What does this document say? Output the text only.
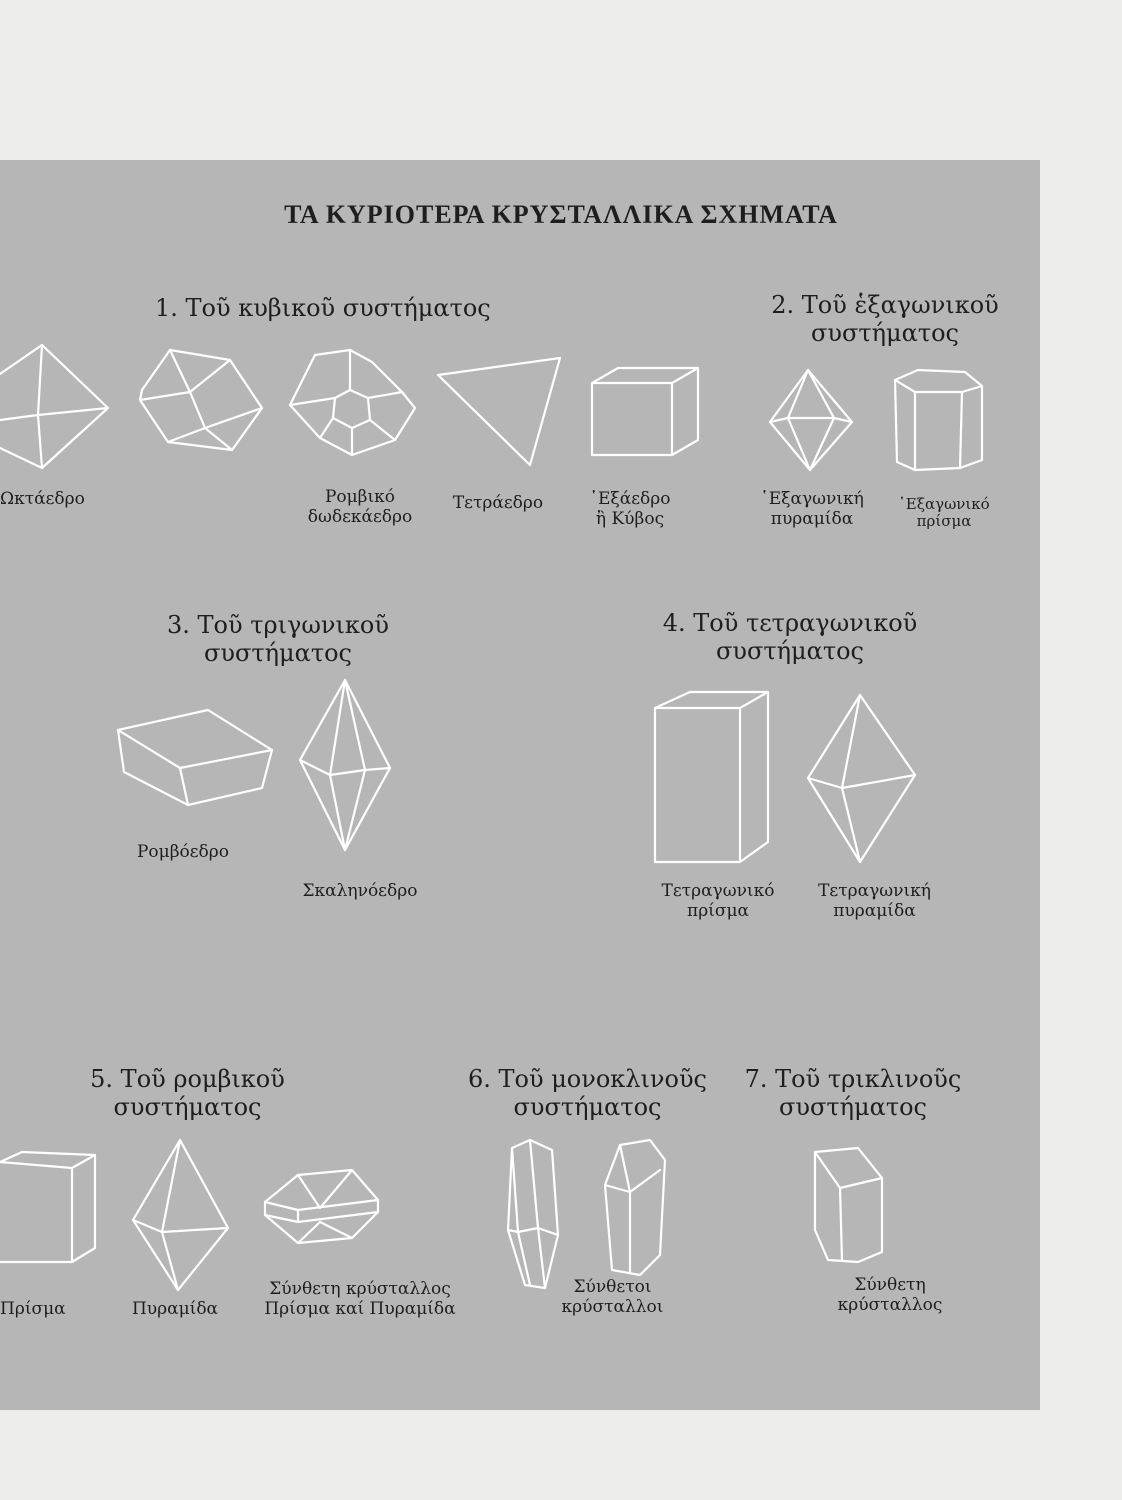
ΤΑ ΚΥΡΙΟΤΕΡΑ ΚΡΥΣΤΑΛΛΙΚΑ ΣΧΗΜΑΤΑ
1. Τοῦ κυβικοῦ συστήματος	2. Τοῦ ἑξαγωνικοῦ
συστήματος
3. Τοῦ τριγωνικοῦ
συστήματος
4. Τοῦ τετραγωνικοῦ
συστήματος
5. Τοῦ ρομβικοῦ
συστήματος
6. Τοῦ μονοκλινοῦς
συστήματος
7. Τοῦ τρικλινοῦς
συστήματος
Ωκτάεδρο	Ρομβικό
δωδεκάεδρο
Τετράεδρο	῾Εξάεδρο
ἢ Κύβος
῾Εξαγωνική
πυραμίδα
῾Εξαγωνικό
πρίσμα
Ρομβόεδρο
Σκαληνόεδρο	Τετραγωνικό
πρίσμα
Τετραγωνική
πυραμίδα
Πρίσμα	Πυραμίδα
Σύνθετη κρύσταλλος
Πρίσμα καί Πυραμίδα
Σύνθετοι
κρύσταλλοι
Σύνθετη
κρύσταλλος
